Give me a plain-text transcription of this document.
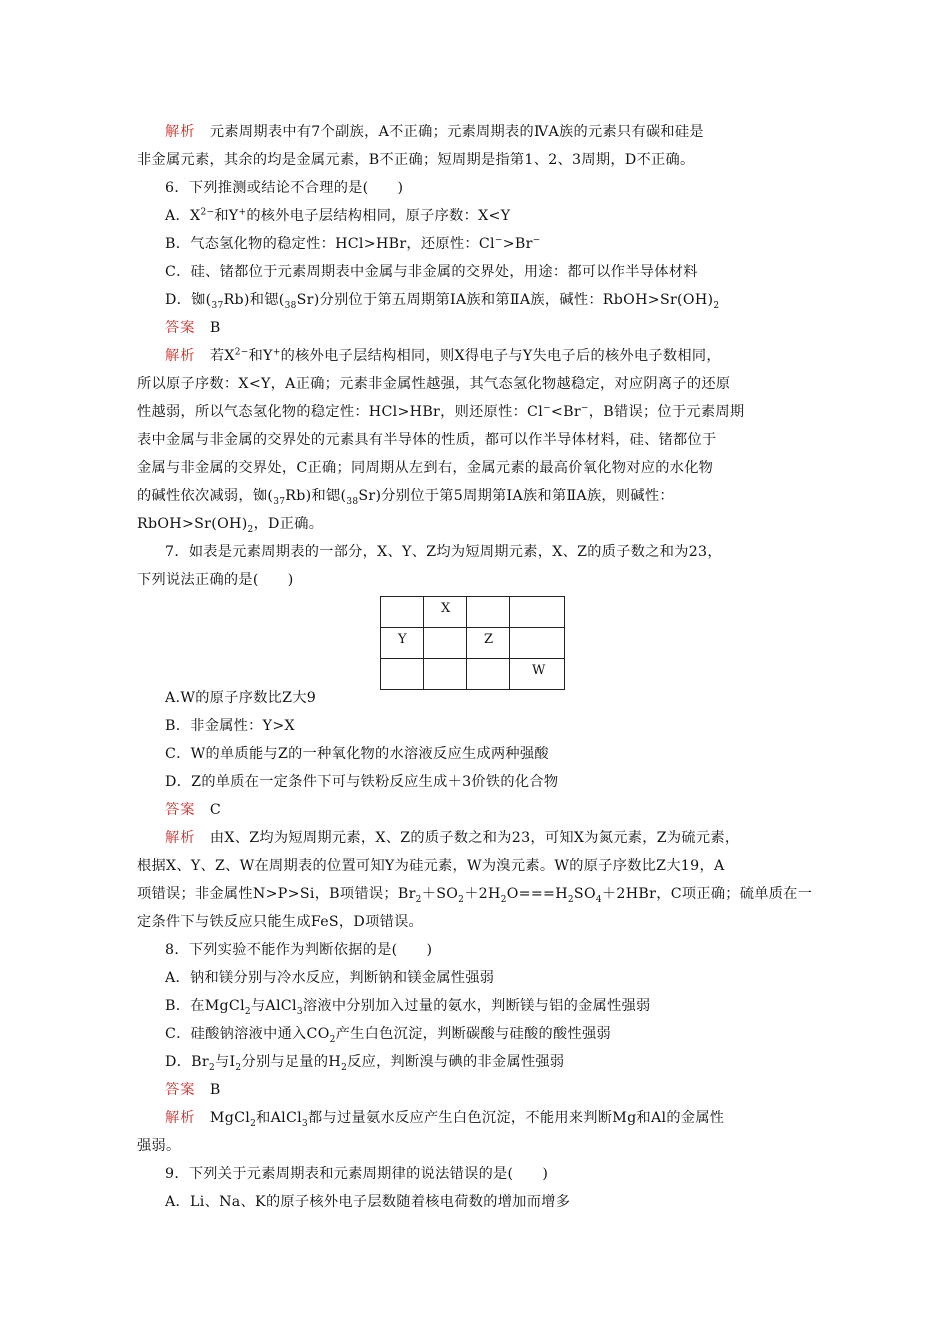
解析　 元素周期表中有7个副族，A不正确；元素周期表的ⅣA族的元素只有碳和硅是
非金属元素，其余的均是金属元素，B不正确；短周期是指第1、2、3周期，D不正确。
6．下列推测或结论不合理的是(　　)
A．$X^{2-}$和Y+的核外电子层结构相同，原子序数：X<Y
B．气态氢化物的稳定性：HCl>HBr，还原性：Cl−>Br−
C．硅、锗都位于元素周期表中金属与非金属的交界处，用途：都可以作半导体材料
D．铷$(_{37}Rb)$和锶$(_{38}Sr)$分别位于第五周期第ⅠA族和第ⅡA族，碱性：$RbOH>Sr(OH)_2$
答案　 B
解析　 若$X^{2-}$和Y+的核外电子层结构相同，则X得电子与Y失电子后的核外电子数相同，
所以原子序数：X<Y，A正确；元素非金属性越强，其气态氢化物越稳定，对应阴离子的还原
性越弱，所以气态氢化物的稳定性：HCl>HBr，则还原性：Cl−<Br−，B错误；位于元素周期
表中金属与非金属的交界处的元素具有半导体的性质，都可以作半导体材料，硅、锗都位于
金属与非金属的交界处，C正确；同周期从左到右，金属元素的最高价氧化物对应的水化物
的碱性依次减弱，铷$(_{37}Rb)$和锶$(_{38}Sr)$分别位于第5周期第ⅠA族和第ⅡA族，则碱性：
$RbOH>Sr(OH)_2$，D正确。
7．如表是元素周期表的一部分，X、Y、Z均为短周期元素，X、Z的质子数之和为23，
下列说法正确的是(　　)
	X		
Y		Z	
			W
A.W的原子序数比Z大9
B．非金属性：Y>X
C．W的单质能与Z的一种氧化物的水溶液反应生成两种强酸
D．Z的单质在一定条件下可与铁粉反应生成＋3价铁的化合物
答案　 C
解析　 由X、Z均为短周期元素，X、Z的质子数之和为23，可知X为氮元素，Z为硫元素，
根据X、Y、Z、W在周期表的位置可知Y为硅元素，W为溴元素。W的原子序数比Z大19，A
项错误；非金属性N>P>Si，B项错误；$Br_2+SO_2+2H_2O===H_2SO_4+2HBr$，C项正确；硫单质在一
定条件下与铁反应只能生成FeS，D项错误。
8．下列实验不能作为判断依据的是(　　)
A．钠和镁分别与冷水反应，判断钠和镁金属性强弱
B．在MgCl$_2$与AlCl$_3$溶液中分别加入过量的氨水，判断镁与铝的金属性强弱
C．硅酸钠溶液中通入$CO_2$产生白色沉淀，判断碳酸与硅酸的酸性强弱
D．$Br_2$与$I_2$分别与足量的$H_2$反应，判断溴与碘的非金属性强弱
答案　 B
解析　 MgCl$_2$和AlCl$_3$都与过量氨水反应产生白色沉淀，不能用来判断Mg和Al的金属性
强弱。
9．下列关于元素周期表和元素周期律的说法错误的是(　　)
A．Li、Na、K的原子核外电子层数随着核电荷数的增加而增多
